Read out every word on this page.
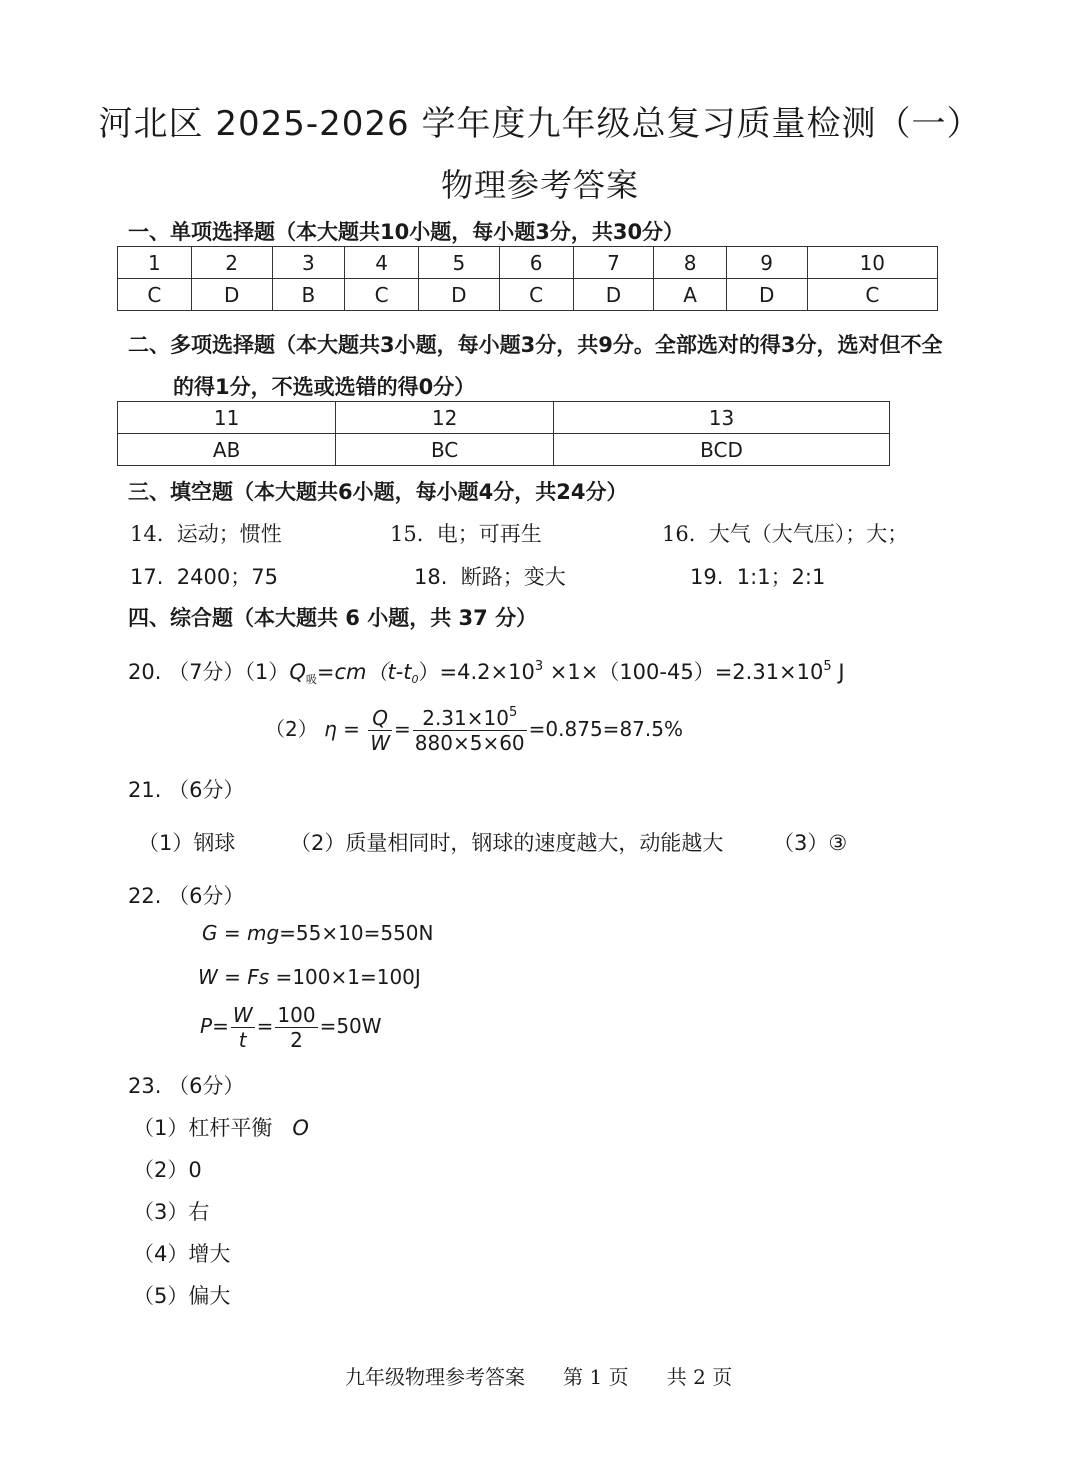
河北区 2025-2026 学年度九年级总复习质量检测（一）
物理参考答案
一、单项选择题（本大题共10小题，每小题3分，共30分）
1	2	3	4	5	6	7	8	9	10
C	D	B	C	D	C	D	A	D	C
二、多项选择题（本大题共3小题，每小题3分，共9分。全部选对的得3分，选对但不全
的得1分，不选或选错的得0分）
11	12	13
AB	BC	BCD
三、填空题（本大题共6小题，每小题4分，共24分）
14. 运动；惯性	15. 电；可再生	16. 大气（大气压）；大；
17. 2400；75	18. 断路；变大	19. 1:1；2:1
四、综合题（本大题共 6 小题，共 37 分）
20. （7分）$(1)Q_吸=cm(t-t_0)=4.2\times 10^3 \times 1\times(100-45)=2.31\times 10^5$ J
（2） $\eta = \frac{Q}{W} = \frac{2.31\times 10^5}{880\times 5\times 60} =0.875=87.5\%$
21. （6分）
（1）钢球	（2）质量相同时，钢球的速度越大，动能越大 （3）③
22. （6分）
G = mg=55×10=550N
W = Fs =100×1=100J
$P= \frac{W}{t} = \frac{100}{2} =50W$
23. （6分）
（1）杠杆平衡 O
（2）0
（3）右
（4）增大
（5）偏大
九年级物理参考答案 第 1 页 共 2 页
